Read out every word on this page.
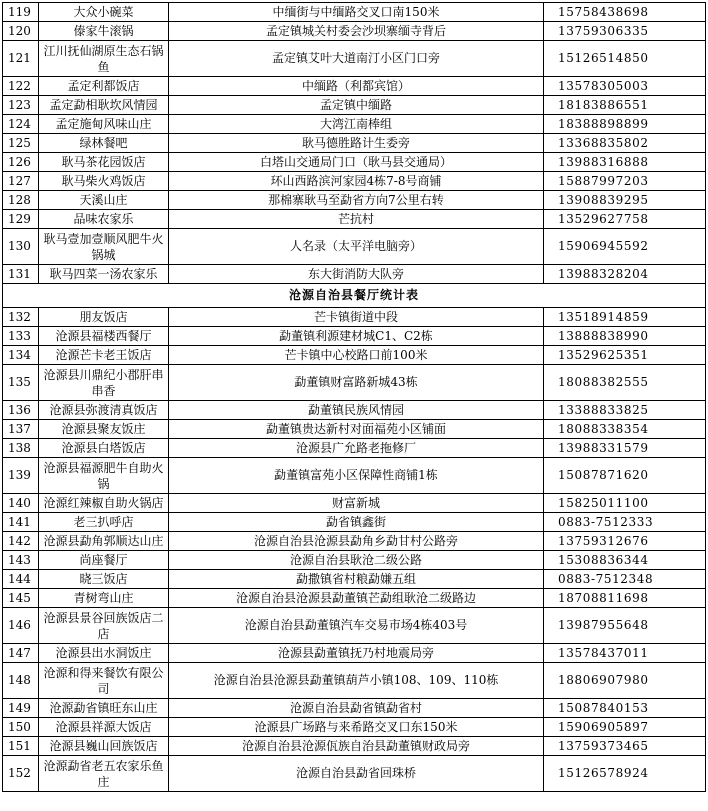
119	大众小碗菜	中缅街与中缅路交叉口南150米	15758438698
120	傣家牛滚锅	孟定镇城关村委会沙坝寨缅寺背后	13759306335
121	江川抚仙湖原生态石锅鱼	孟定镇艾叶大道南汀小区门口旁	15126514850
122	孟定利都饭店	中缅路（利都宾馆）	13578305003
123	孟定勐相耿坎风情园	孟定镇中缅路	18183886551
124	孟定施甸风味山庄	大湾江南棒组	18388898899
125	绿林餐吧	耿马德胜路计生委旁	13368835802
126	耿马茶花园饭店	白塔山交通局门口（耿马县交通局）	13988316888
127	耿马柴火鸡饭店	环山西路滨河家园4栋7-8号商铺	15887997203
128	天溪山庄	那棉寨耿马至勐省方向7公里右转	13908839295
129	品味农家乐	芒抗村	13529627758
130	耿马壹加壹顺风肥牛火锅城	人名录（太平洋电脑旁）	15906945592
131	耿马四菜一汤农家乐	东大街消防大队旁	13988328204
沧源自治县餐厅统计表			
132	朋友饭店	芒卡镇街道中段	13518914859
133	沧源县福楼西餐厅	勐董镇利源建材城C1、C2栋	13888838990
134	沧源芒卡老王饭店	芒卡镇中心校路口前100米	13529625351
135	沧源县川鼎纪小郡肝串串香	勐董镇财富路新城43栋	18088382555
136	沧源县弥渡清真饭店	勐董镇民族风情园	13388833825
137	沧源县聚友饭庄	勐董镇贵达新村对面福苑小区铺面	18088338354
138	沧源县白塔饭店	沧源县广允路老拖修厂	13988331579
139	沧源县福源肥牛自助火锅	勐董镇富苑小区保障性商铺1栋	15087871620
140	沧源红辣椒自助火锅店	财富新城	15825011100
141	老三扒呼店	勐省镇鑫街	0883-7512333
142	沧源县勐角郭顺达山庄	沧源自治县沧源县勐角乡勐甘村公路旁	13759312676
143	尚座餐厅	沧源自治县耿沧二级公路	15308836344
144	晓三饭店	勐撒镇省村粮勐嫌五组	0883-7512348
145	青树弯山庄	沧源自治县沧源县勐董镇芒勐组耿沧二级路边	18708811698
146	沧源县景谷回族饭店二店	沧源自治县勐董镇汽车交易市场4栋403号	13987955648
147	沧源县出水洞饭庄	沧源县勐董镇抚乃村地震局旁	13578437011
148	沧源和得来餐饮有限公司	沧源自治县沧源县勐董镇葫芦小镇108、109、110栋	18806907980
149	沧源勐省镇旺东山庄	沧源自治县勐省镇勐省村	15087840153
150	沧源县祥源大饭店	沧源县广场路与来希路交叉口东150米	15906905897
151	沧源县巍山回族饭店	沧源自治县沧源佤族自治县勐董镇财政局旁	13759373465
152	沧源勐省老五农家乐鱼庄	沧源自治县勐省回珠桥	15126578924
